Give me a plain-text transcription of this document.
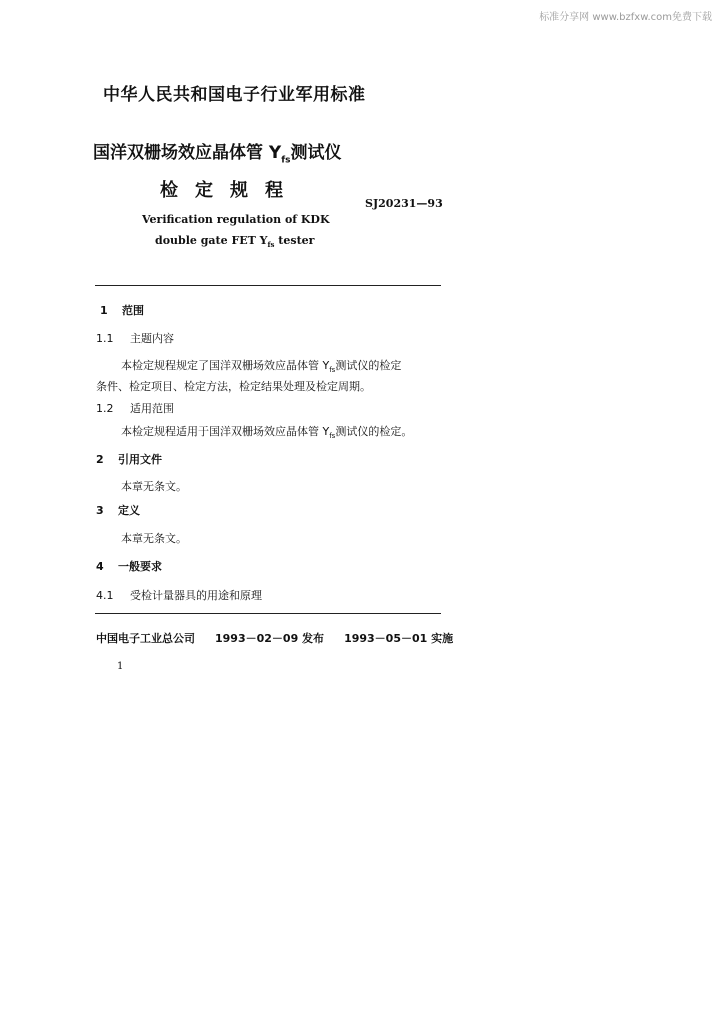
标准分享网 www.bzfxw.com免费下载
中华人民共和国电子行业军用标准
国洋双栅场效应晶体管 $Y_{fs}$测试仪
检定规程
SJ20231—93
Verification regulation of KDK
double gate FET $Y_{fs}$ tester
1 范围
1.1 主题内容
本检定规程规定了国洋双栅场效应晶体管 $Y_{fs}$测试仪的检定
条件、检定项目、检定方法，检定结果处理及检定周期。
1.2 适用范围
本检定规程适用于国洋双栅场效应晶体管 $Y_{fs}$测试仪的检定。
2 引用文件
本章无条文。
3 定义
本章无条文。
4 一般要求
4.1 受检计量器具的用途和原理
中国电子工业总公司 1993－02－09 发布 1993－05－01 实施
1
